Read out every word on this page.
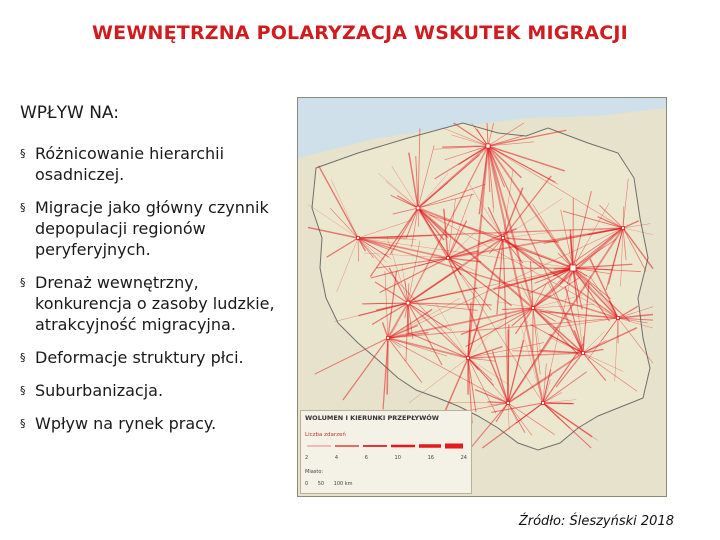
WEWNĘTRZNA POLARYZACJA WSKUTEK MIGRACJI
WPŁYW NA:
§ Różnicowanie hierarchii osadniczej.
§ Migracje jako główny czynnik depopulacji regionów peryferyjnych.
§ Drenaż wewnętrzny, konkurencja o zasoby ludzkie, atrakcyjność migracyjna.
§ Deformacje struktury płci.
§ Suburbanizacja.
§ Wpływ na rynek pracy.	WOLUMEN I KIERUNKI PRZEPŁYWÓW
Liczba zdarzeń
2	4	6	10	16	24
Miasto:
0 50 100 km
Źródło: Śleszyński 2018
